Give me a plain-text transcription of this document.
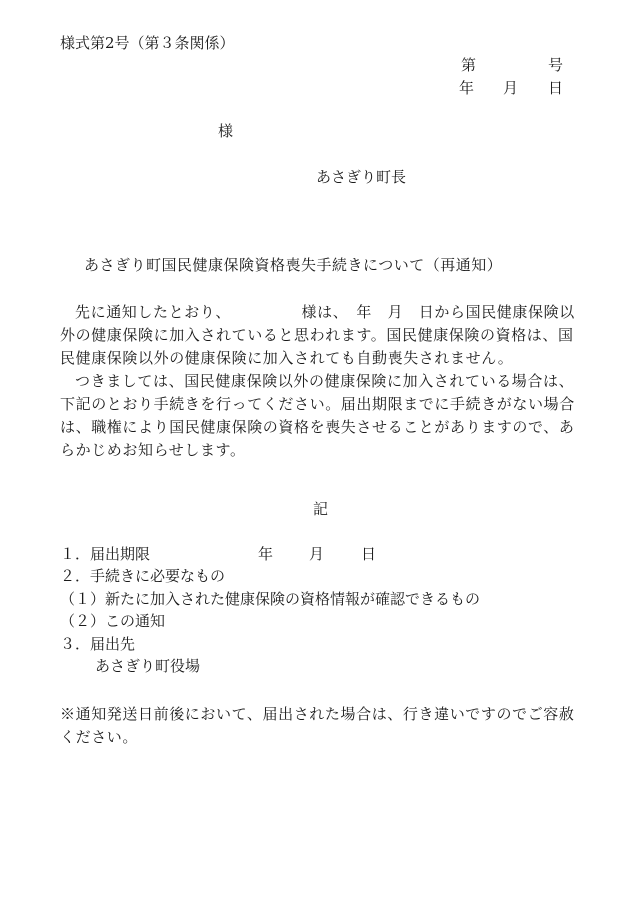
様式第2号（第３条関係）
第	号
年 月 日
様
あさぎり町長
あさぎり町国民健康保険資格喪失手続きについて（再通知）

先に通知したとおり、　　　　　様は、　年　月　日から国民健康保険以外の健康保険に加入されていると思われます。国民健康保険の資格は、国民健康保険以外の健康保険に加入されても自動喪失されません。

つきましては、国民健康保険以外の健康保険に加入されている場合は、下記のとおり手続きを行ってください。届出期限までに手続きがない場合は、職権により国民健康保険の資格を喪失させることがありますので、あらかじめお知らせします。

記
１．届出期限	年 月 日
２．手続きに必要なもの
（１）新たに加入された健康保険の資格情報が確認できるもの
（２）この通知
３．届出先
あさぎり町役場

※通知発送日前後において、届出された場合は、行き違いですのでご容赦ください。
